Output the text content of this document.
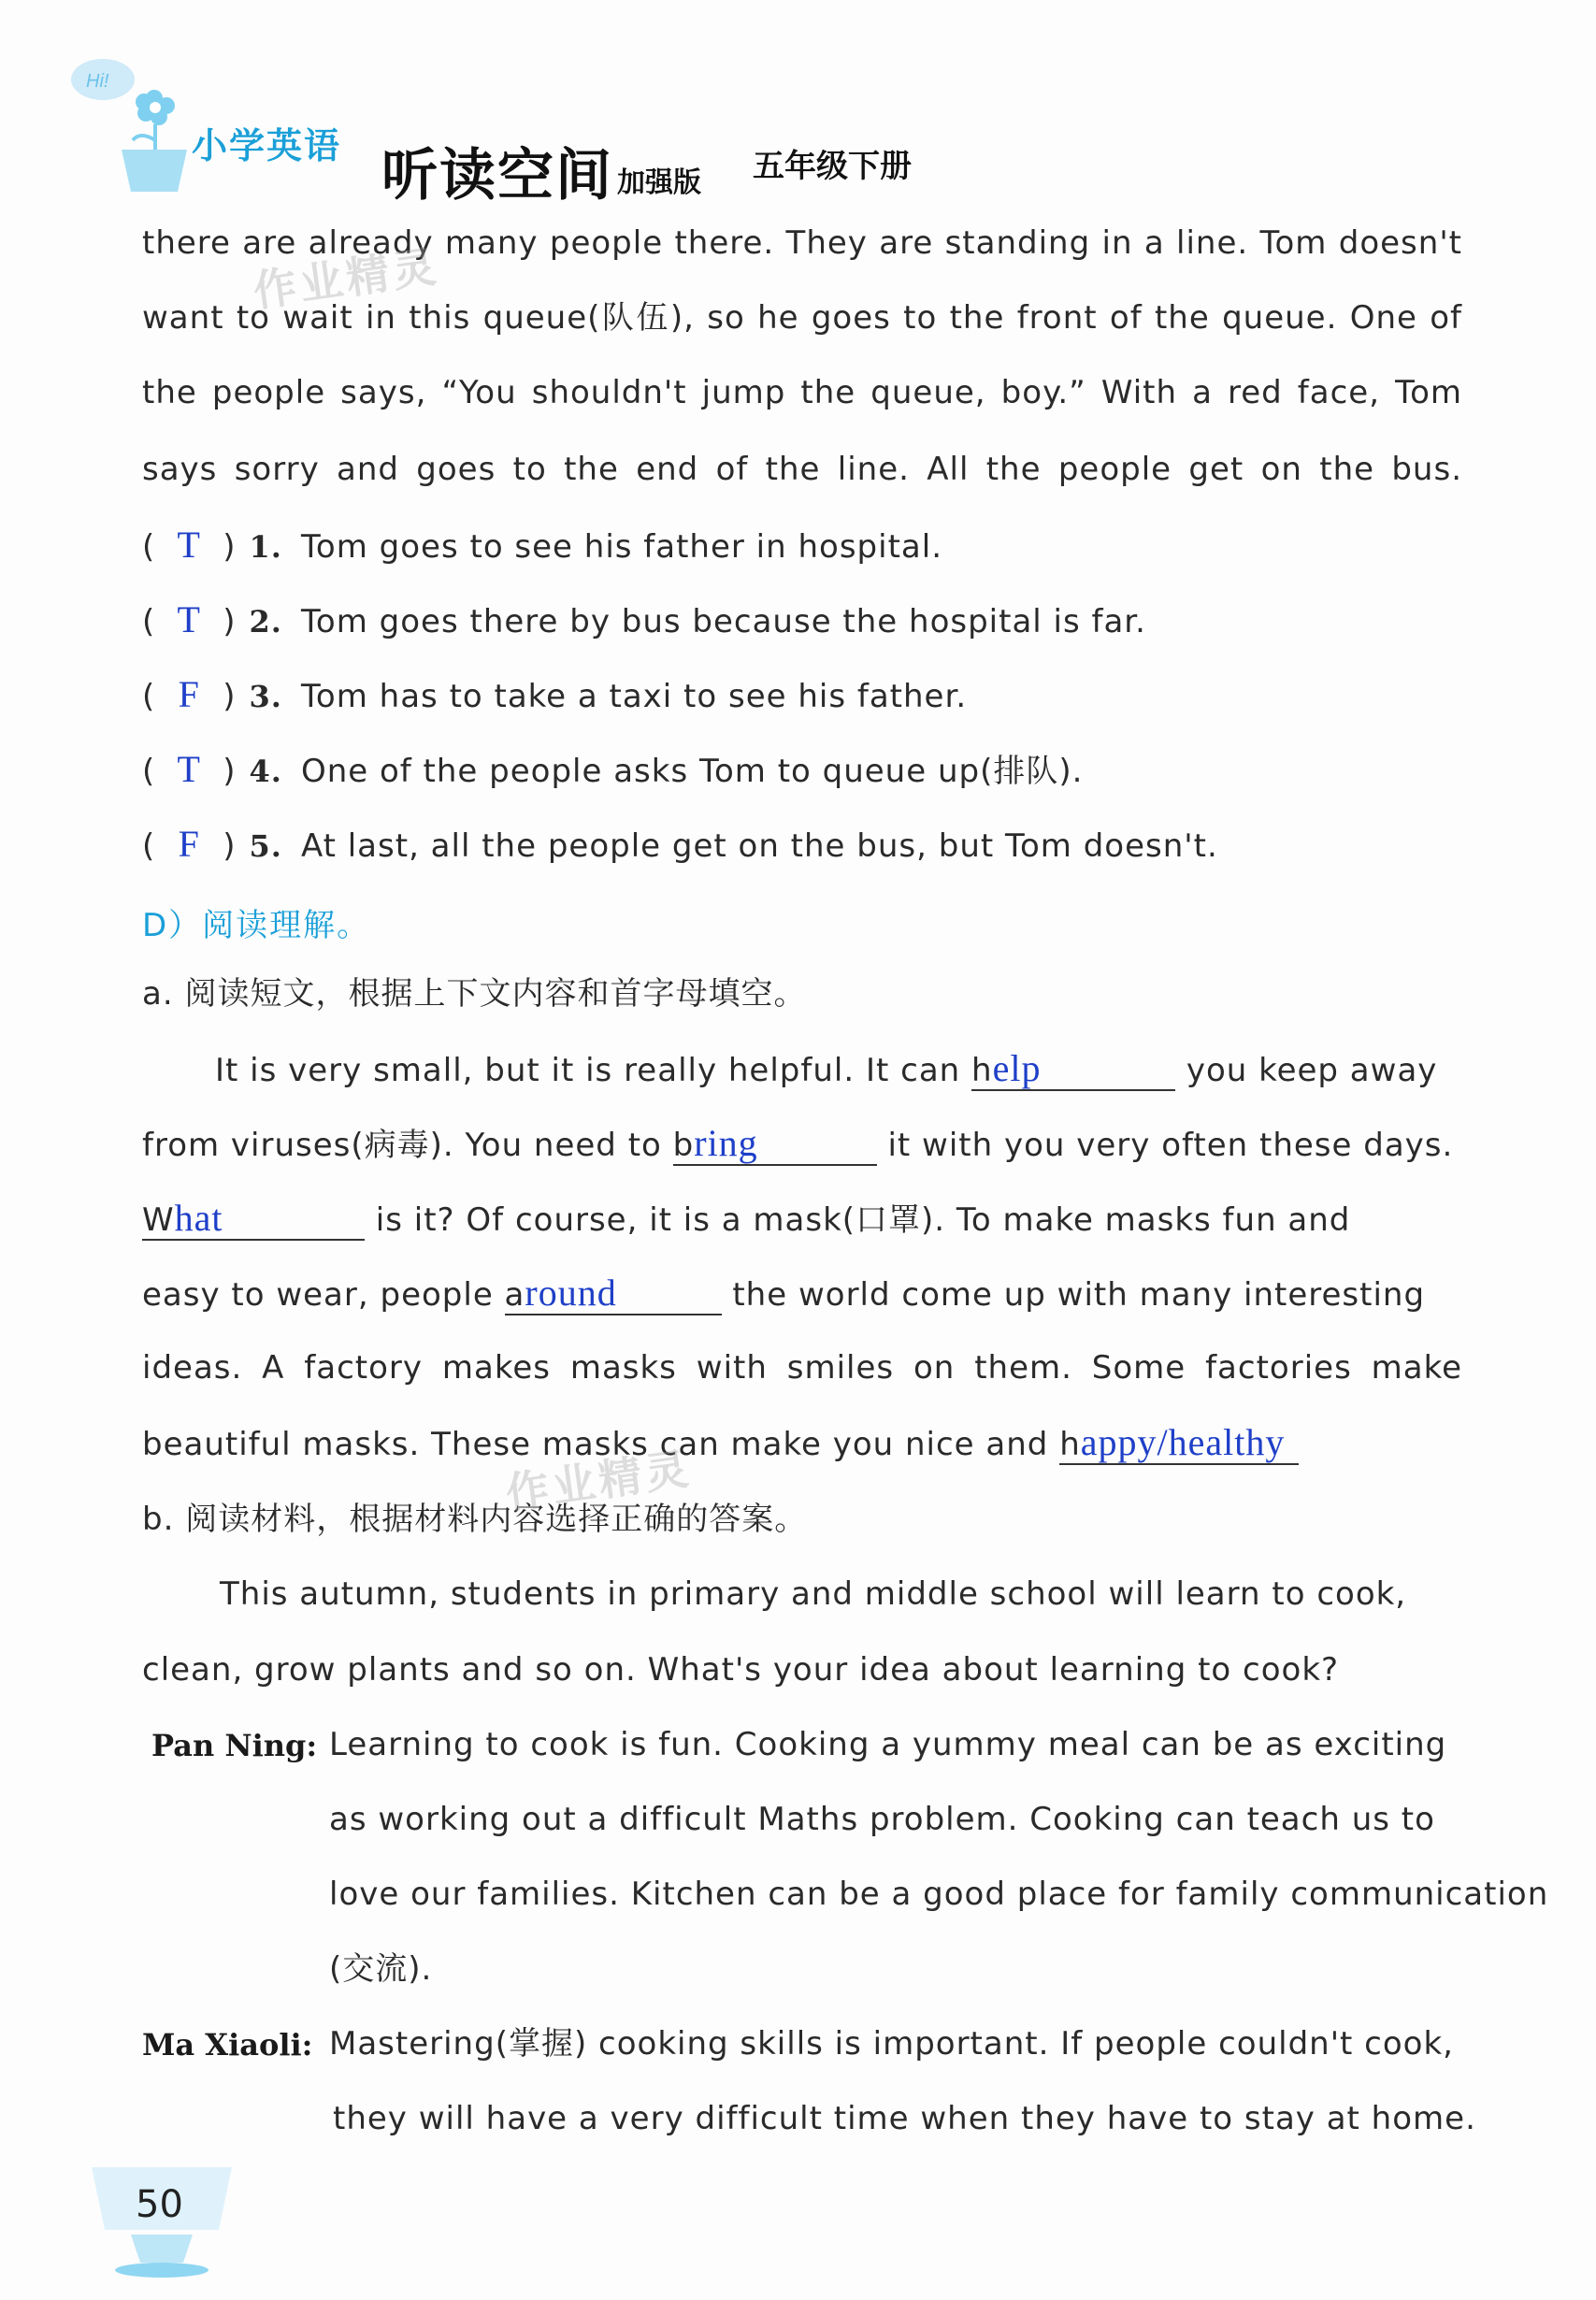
Hi!
小学英语 听读空间 加强版 五年级下册
there are already many people there. They are standing in a line. Tom doesn't
want to wait in this queue(队伍), so he goes to the front of the queue. One of
the people says, “You shouldn't jump the queue, boy.” With a red face, Tom
says sorry and goes to the end of the line. All the people get on the bus.
( T ) 1. Tom goes to see his father in hospital.
( T ) 2. Tom goes there by bus because the hospital is far.
( F ) 3. Tom has to take a taxi to see his father.
( T ) 4. One of the people asks Tom to queue up(排队).
( F ) 5. At last, all the people get on the bus, but Tom doesn't.
D）阅读理解。
a. 阅读短文，根据上下文内容和首字母填空。
It is very small, but it is really helpful. It can help	you keep away
from viruses(病毒). You need to bring	it with you very often these days.
What	is it? Of course, it is a mask(口罩). To make masks fun and
easy to wear, people around	the world come up with many interesting
ideas. A factory makes masks with smiles on them. Some factories make
beautiful masks. These masks can make you nice and happy/healthy
b. 阅读材料，根据材料内容选择正确的答案。
This autumn, students in primary and middle school will learn to cook,
clean, grow plants and so on. What's your idea about learning to cook?
Pan Ning: Learning to cook is fun. Cooking a yummy meal can be as exciting
as working out a difficult Maths problem. Cooking can teach us to
love our families. Kitchen can be a good place for family communication
(交流).
Ma Xiaoli: Mastering(掌握) cooking skills is important. If people couldn't cook,
they will have a very difficult time when they have to stay at home.
作业精灵
作业精灵
50
